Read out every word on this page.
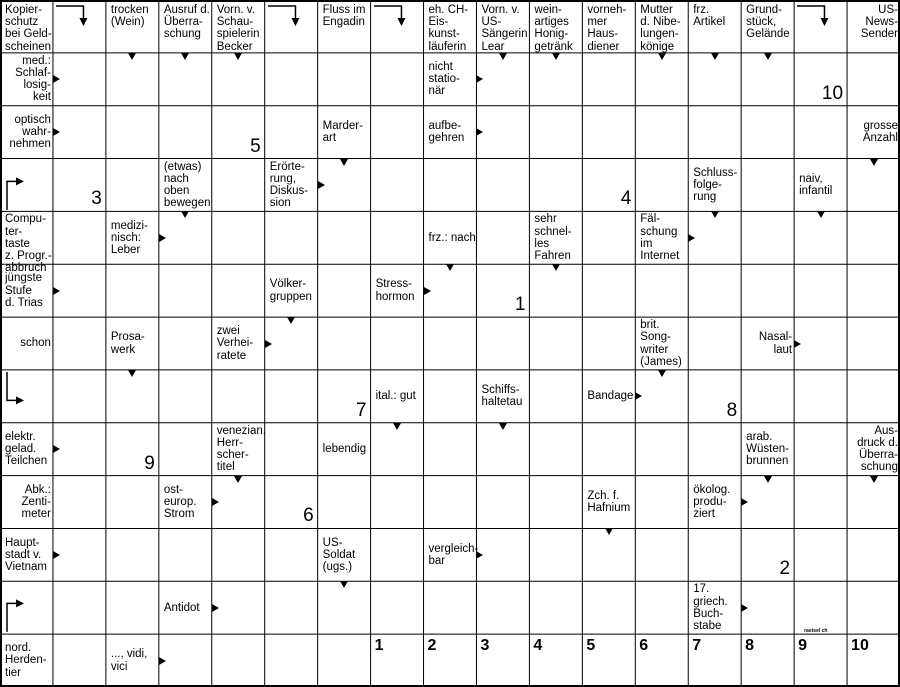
Kopier-
schutz
bei Geld-
scheinen
trocken
(Wein)
Ausruf d.
Überra-
schung
Vorn. v.
Schau-
spielerin
Becker
Fluss im
Engadin
eh. CH-
Eis-
kunst-
läuferin
Vorn. v.
US-
Sängerin
Lear
wein-
artiges
Honig-
getränk
vorneh-
mer
Haus-
diener
Mutter
d. Nibe-
lungen-
könige
frz.
Artikel
Grund-
stück,
Gelände
US-
News-
Sender
med.:
Schlaf-
losig-
keit
nicht
statio-
när
optisch
wahr-
nehmen
Marder-
art
aufbe-
gehren
grosse
Anzahl
(etwas)
nach
oben
bewegen
Erörte-
rung,
Diskus-
sion
Schluss-
folge-
rung
naiv,
infantil
Compu-
ter-
taste
z. Progr.-
abbruch
medizi-
nisch:
Leber
frz.: nach
sehr
schnel-
les
Fahren
Fäl-
schung
im
Internet
jüngste
Stufe
d. Trias
Völker-
gruppen
Stress-
hormon
schon
Prosa-
werk
zwei
Verhei-
ratete
brit.
Song-
writer
(James)
Nasal-
laut
ital.: gut
Schiffs-
haltetau
Bandage
elektr.
gelad.
Teilchen
venezian.
Herr-
scher-
titel
lebendig
arab.
Wüsten-
brunnen
Aus-
druck d.
Überra-
schung
Abk.:
Zenti-
meter
ost-
europ.
Strom
Zch. f.
Hafnium
ökolog.
produ-
ziert
Haupt-
stadt v.
Vietnam
US-
Soldat
(ugs.)
vergleich-
bar
Antidot
17.
griech.
Buch-
stabe
nord.
Herden-
tier
..., vidi,
vici
1
2
3	4
5
6
7	8
9
10
1	2	3	4	5	6	7	8	9	10
raetsel ch
